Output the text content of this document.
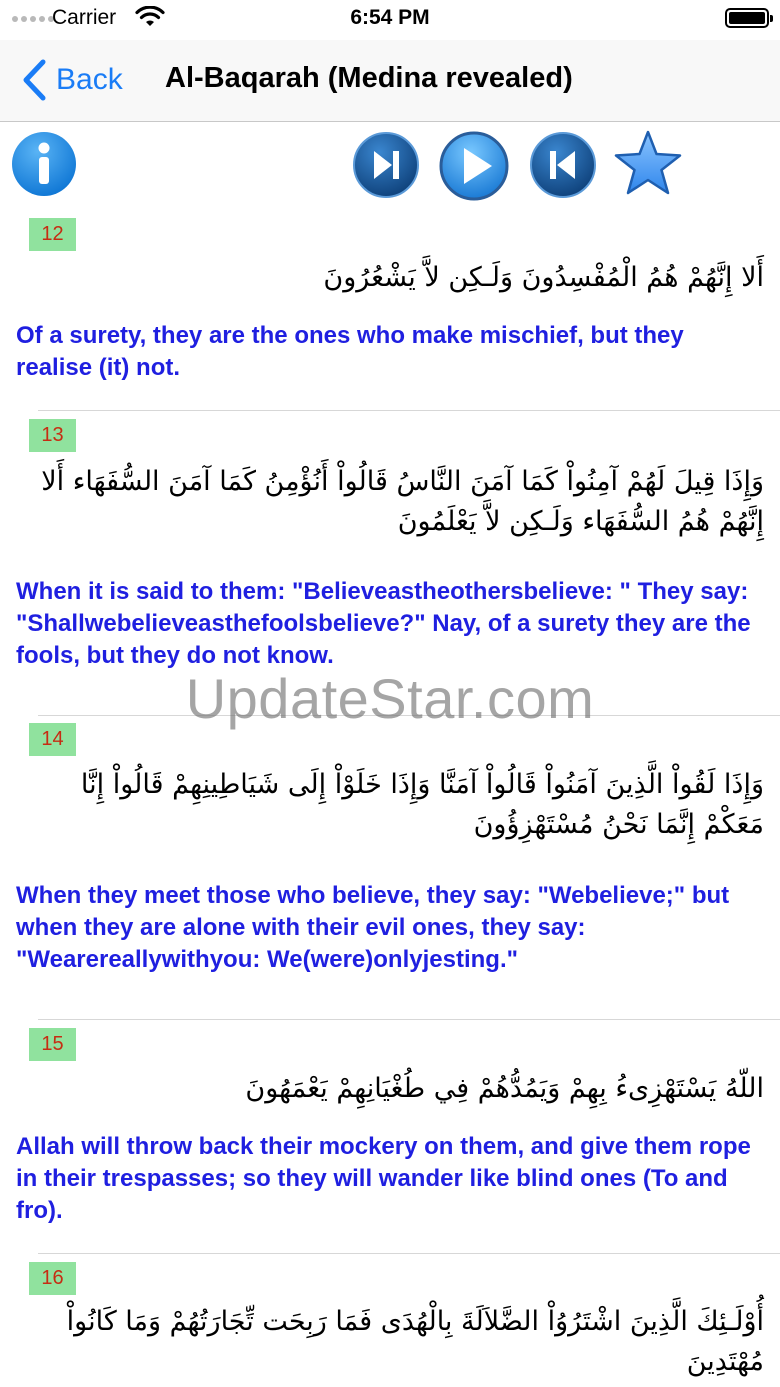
Carrier	6:54 PM
Back Al-Baqarah (Medina revealed)
12
أَلا إِنَّهُمْ هُمُ الْمُفْسِدُونَ وَلَـكِن لاَّ يَشْعُرُونَ
Of a surety, they are the ones who make mischief, but they realise (it) not.
13
وَإِذَا قِيلَ لَهُمْ آمِنُواْ كَمَا آمَنَ النَّاسُ قَالُواْ أَنُؤْمِنُ كَمَا آمَنَ السُّفَهَاء أَلا إِنَّهُمْ هُمُ السُّفَهَاء وَلَـكِن لاَّ يَعْلَمُونَ
When it is said to them: "Believeastheothersbelieve: " They say: "Shallwebelieveasthefoolsbelieve?" Nay, of a surety they are the fools, but they do not know.
14
وَإِذَا لَقُواْ الَّذِينَ آمَنُواْ قَالُواْ آمَنَّا وَإِذَا خَلَوْاْ إِلَى شَيَاطِينِهِمْ قَالُواْ إِنَّا مَعَكْمْ إِنَّمَا نَحْنُ مُسْتَهْزِؤُونَ
When they meet those who believe, they say: "Webelieve;" but when they are alone with their evil ones, they say: "Wearereallywithyou: We(were)onlyjesting."
15
اللّهُ يَسْتَهْزِىءُ بِهِمْ وَيَمُدُّهُمْ فِي طُغْيَانِهِمْ يَعْمَهُونَ
Allah will throw back their mockery on them, and give them rope in their trespasses; so they will wander like blind ones (To and fro).
16
أُوْلَـئِكَ الَّذِينَ اشْتَرُوُاْ الضَّلاَلَةَ بِالْهُدَى فَمَا رَبِحَت تِّجَارَتُهُمْ وَمَا كَانُواْ مُهْتَدِينَ
UpdateStar.com
